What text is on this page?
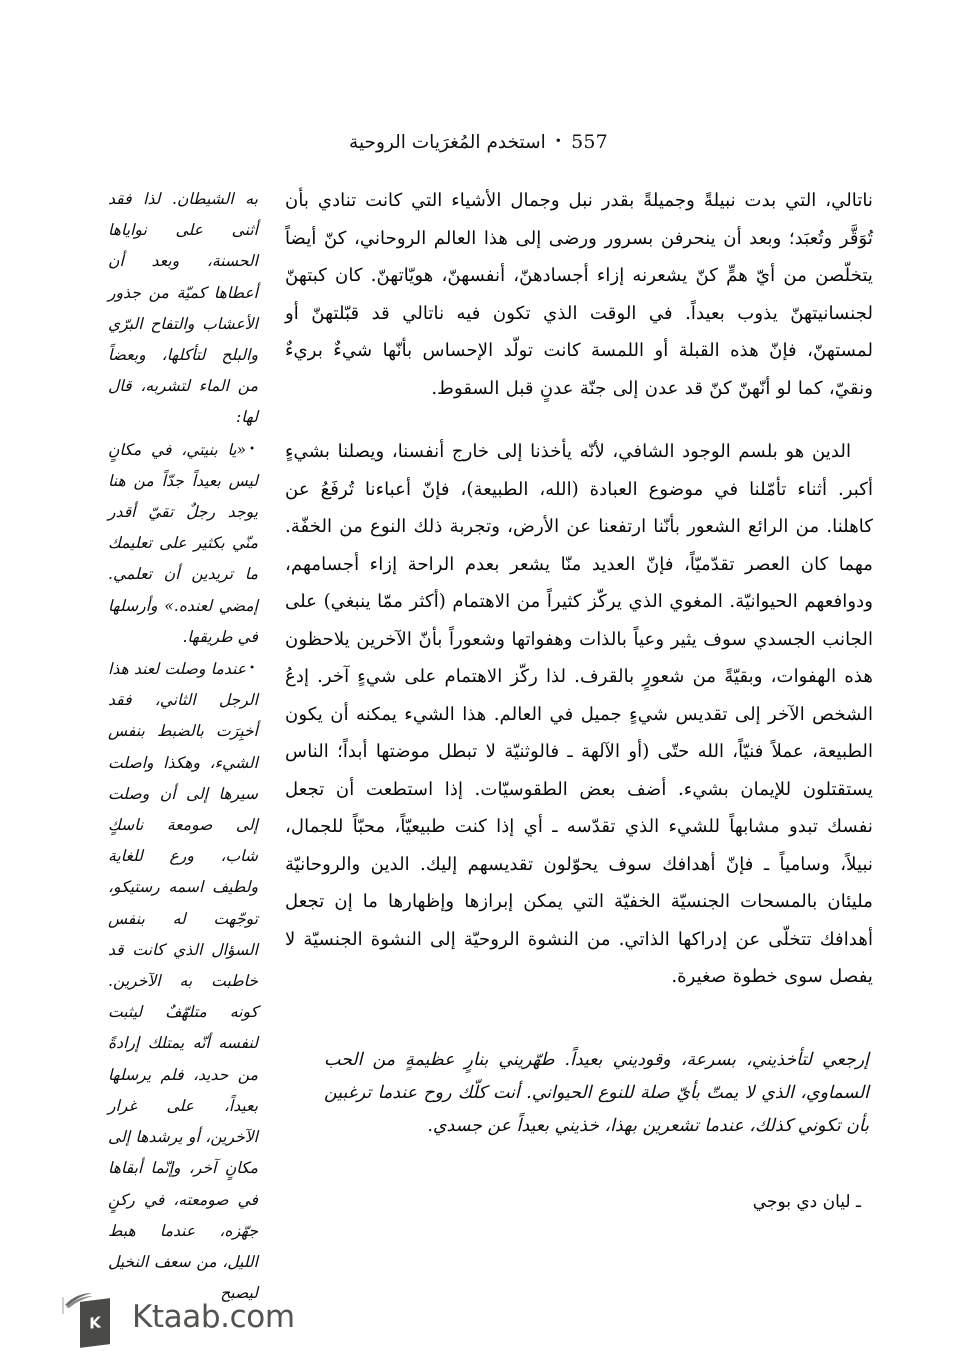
557•استخدم المُغرَيات الروحية

به الشيطان. لذا فقد أثنى على نواياها الحسنة، وبعد أن أعطاها كميّة من جذور الأعشاب والتفاح البرّي والبلح لتأكلها، وبعضاً من الماء لتشربه، قال لها:

•«يا بنيتي، في مكانٍ ليس بعيداً جدّاً من هنا يوجد رجلٌ تقيّ أقدر منّي بكثير على تعليمك ما تريدين أن تعلمي. إمضي لعنده.» وأرسلها في طريقها.

•عندما وصلت لعند هذا الرجل الثاني، فقد أخبِرَت بالضبط بنفس الشيء، وهكذا واصلت سيرها إلى أن وصلت إلى صومعة ناسكٍ شاب، ورع للغاية ولطيف اسمه رستيكو، توجّهت له بنفس السؤال الذي كانت قد خاطبت به الآخرين. كونه متلهّفٌ ليثبت لنفسه أنّه يمتلك إرادةً من حديد، فلم يرسلها بعيداً، على غرار الآخرين، أو يرشدها إلى مكانٍ آخر، وإنّما أبقاها في صومعته، في ركنٍ جهّزه، عندما هبط الليل، من سعف النخيل ليصبح

ناتالي، التي بدت نبيلةً وجميلةً بقدر نبل وجمال الأشياء التي كانت تنادي بأن تُوَقَّر وتُعبَد؛ وبعد أن ينحرفن بسرور ورضى إلى هذا العالم الروحاني، كنّ أيضاً يتخلّصن من أيّ همٍّ كنّ يشعرنه إزاء أجسادهنّ، أنفسهنّ، هويّاتهنّ. كان كبتهنّ لجنسانيتهنّ يذوب بعيداً. في الوقت الذي تكون فيه ناتالي قد قبّلتهنّ أو لمستهنّ، فإنّ هذه القبلة أو اللمسة كانت تولّد الإحساس بأنّها شيءٌ بريءٌ ونقيّ، كما لو أنّهنّ كنّ قد عدن إلى جنّة عدنٍ قبل السقوط.

الدين هو بلسم الوجود الشافي، لأنّه يأخذنا إلى خارج أنفسنا، ويصلنا بشيءٍ أكبر. أثناء تأمّلنا في موضوع العبادة (الله، الطبيعة)، فإنّ أعباءنا تُرفَعُ عن كاهلنا. من الرائع الشعور بأنّنا ارتفعنا عن الأرض، وتجربة ذلك النوع من الخفّة. مهما كان العصر تقدّميّاً، فإنّ العديد منّا يشعر بعدم الراحة إزاء أجسامهم، ودوافعهم الحيوانيّة. المغوي الذي يركّز كثيراً من الاهتمام (أكثر ممّا ينبغي) على الجانب الجسدي سوف يثير وعياً بالذات وهفواتها وشعوراً بأنّ الآخرين يلاحظون هذه الهفوات، وبقيّةً من شعورٍ بالقرف. لذا ركّز الاهتمام على شيءٍ آخر. إدعُ الشخص الآخر إلى تقديس شيءٍ جميل في العالم. هذا الشيء يمكنه أن يكون الطبيعة، عملاً فنيّاً، الله حتّى (أو الآلهة ـ فالوثنيّة لا تبطل موضتها أبداً؛ الناس يستقتلون للإيمان بشيء. أضف بعض الطقوسيّات. إذا استطعت أن تجعل نفسك تبدو مشابهاً للشيء الذي تقدّسه ـ أي إذا كنت طبيعيّاً، محبّاً للجمال، نبيلاً، وسامياً ـ فإنّ أهدافك سوف يحوّلون تقديسهم إليك. الدين والروحانيّة مليئان بالمسحات الجنسيّة الخفيّة التي يمكن إبرازها وإظهارها ما إن تجعل أهدافك تتخلّى عن إدراكها الذاتي. من النشوة الروحيّة إلى النشوة الجنسيّة لا يفصل سوى خطوة صغيرة.

إرجعي لتأخذيني، بسرعة، وقوديني بعيداً. طهّريني بنارٍ عظيمةٍ من الحب السماوي، الذي لا يمتّ بأيّ صلة للنوع الحيواني. أنت كلّك روح عندما ترغبين بأن تكوني كذلك، عندما تشعرين بهذا، خذيني بعيداً عن جسدي.
ـ ليان دي بوجي
K Ktaab.com
